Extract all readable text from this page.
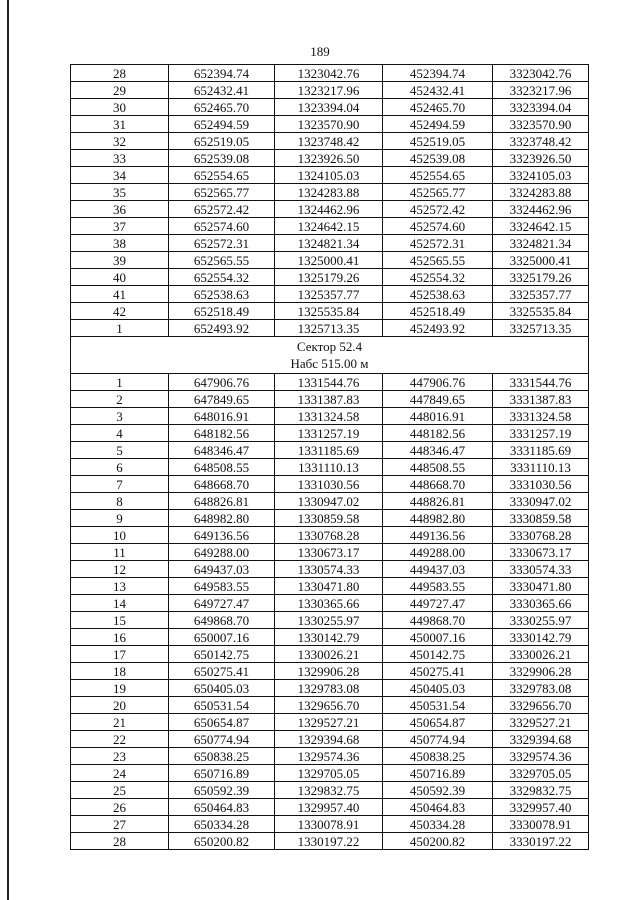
189
28	652394.74	1323042.76	452394.74	3323042.76
29	652432.41	1323217.96	452432.41	3323217.96
30	652465.70	1323394.04	452465.70	3323394.04
31	652494.59	1323570.90	452494.59	3323570.90
32	652519.05	1323748.42	452519.05	3323748.42
33	652539.08	1323926.50	452539.08	3323926.50
34	652554.65	1324105.03	452554.65	3324105.03
35	652565.77	1324283.88	452565.77	3324283.88
36	652572.42	1324462.96	452572.42	3324462.96
37	652574.60	1324642.15	452574.60	3324642.15
38	652572.31	1324821.34	452572.31	3324821.34
39	652565.55	1325000.41	452565.55	3325000.41
40	652554.32	1325179.26	452554.32	3325179.26
41	652538.63	1325357.77	452538.63	3325357.77
42	652518.49	1325535.84	452518.49	3325535.84
1	652493.92	1325713.35	452493.92	3325713.35

Сектор 52.4
Набс 515.00 м				

1	647906.76	1331544.76	447906.76	3331544.76
2	647849.65	1331387.83	447849.65	3331387.83
3	648016.91	1331324.58	448016.91	3331324.58
4	648182.56	1331257.19	448182.56	3331257.19
5	648346.47	1331185.69	448346.47	3331185.69
6	648508.55	1331110.13	448508.55	3331110.13
7	648668.70	1331030.56	448668.70	3331030.56
8	648826.81	1330947.02	448826.81	3330947.02
9	648982.80	1330859.58	448982.80	3330859.58
10	649136.56	1330768.28	449136.56	3330768.28
11	649288.00	1330673.17	449288.00	3330673.17
12	649437.03	1330574.33	449437.03	3330574.33
13	649583.55	1330471.80	449583.55	3330471.80
14	649727.47	1330365.66	449727.47	3330365.66
15	649868.70	1330255.97	449868.70	3330255.97
16	650007.16	1330142.79	450007.16	3330142.79
17	650142.75	1330026.21	450142.75	3330026.21
18	650275.41	1329906.28	450275.41	3329906.28
19	650405.03	1329783.08	450405.03	3329783.08
20	650531.54	1329656.70	450531.54	3329656.70
21	650654.87	1329527.21	450654.87	3329527.21
22	650774.94	1329394.68	450774.94	3329394.68
23	650838.25	1329574.36	450838.25	3329574.36
24	650716.89	1329705.05	450716.89	3329705.05
25	650592.39	1329832.75	450592.39	3329832.75
26	650464.83	1329957.40	450464.83	3329957.40
27	650334.28	1330078.91	450334.28	3330078.91
28	650200.82	1330197.22	450200.82	3330197.22
